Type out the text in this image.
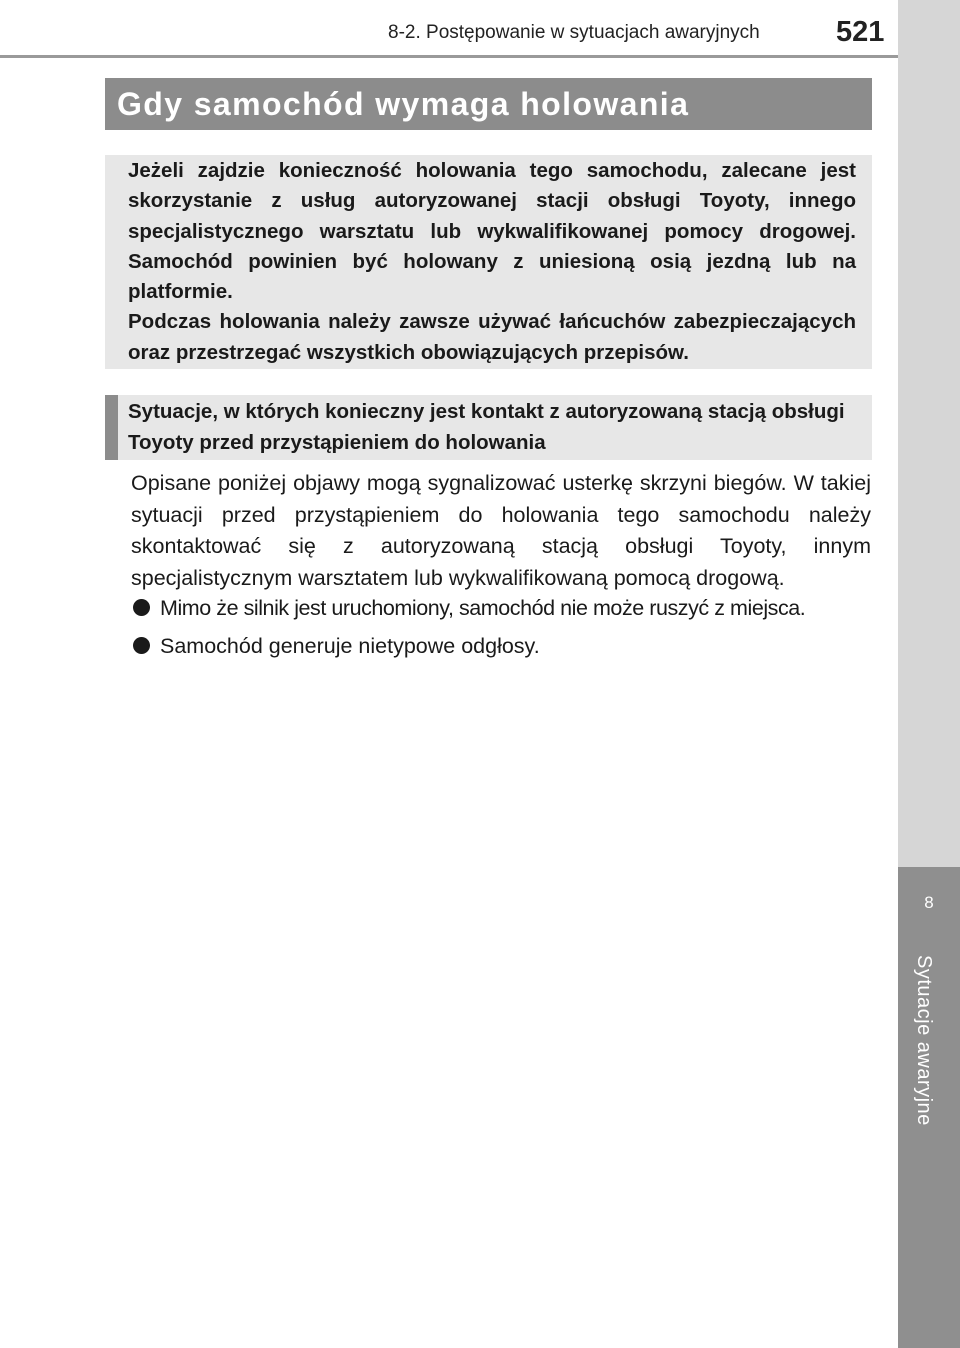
8
Sytuacje awaryjne
8-2. Postępowanie w sytuacjach awaryjnych	521
Gdy samochód wymaga holowania

Jeżeli zajdzie konieczność holowania tego samochodu, zalecane jest skorzystanie z usług autoryzowanej stacji obsługi Toyoty, innego specjalistycznego warsztatu lub wykwalifikowanej pomocy drogowej. Samochód powinien być holowany z uniesioną osią jezdną lub na platformie.

Podczas holowania należy zawsze używać łańcuchów zabezpieczających oraz przestrzegać wszystkich obowiązujących przepisów.

Sytuacje, w których konieczny jest kontakt z autoryzowaną stacją obsługi Toyoty przed przystąpieniem do holowania

Opisane poniżej objawy mogą sygnalizować usterkę skrzyni biegów. W takiej sytuacji przed przystąpieniem do holowania tego samochodu należy skontaktować się z autoryzowaną stacją obsługi Toyoty, innym specjalistycznym warsztatem lub wykwalifikowaną pomocą drogową.

Mimo że silnik jest uruchomiony, samochód nie może ruszyć z miejsca.
Samochód generuje nietypowe odgłosy.
